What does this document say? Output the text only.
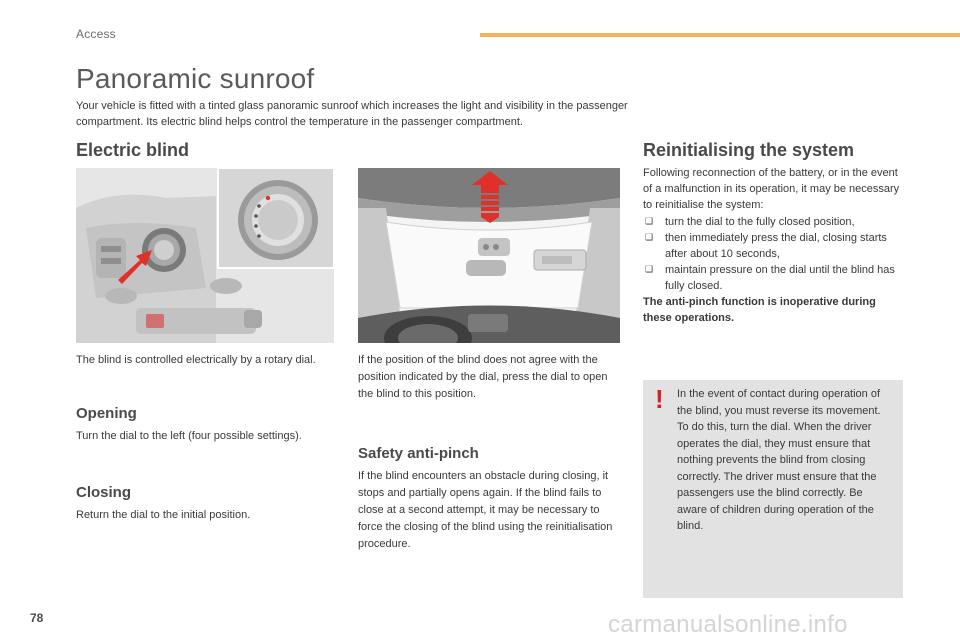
Access
Panoramic sunroof

Your vehicle is fitted with a tinted glass panoramic sunroof which increases the light and visibility in the passenger compartment. Its electric blind helps control the temperature in the passenger compartment.

Electric blind

The blind is controlled electrically by a rotary dial.

Opening

Turn the dial to the left (four possible settings).

Closing

Return the dial to the initial position.

If the position of the blind does not agree with the position indicated by the dial, press the dial to open the blind to this position.

Safety anti-pinch

If the blind encounters an obstacle during closing, it stops and partially opens again. If the blind fails to close at a second attempt, it may be necessary to force the closing of the blind using the reinitialisation procedure.

Reinitialising the system

Following reconnection of the battery, or in the event of a malfunction in its operation, it may be necessary to reinitialise the system:

❑ turn the dial to the fully closed position,
❑ then immediately press the dial, closing starts after about 10 seconds,
❑ maintain pressure on the dial until the blind has fully closed.

The anti-pinch function is inoperative during these operations.

! In the event of contact during operation of the blind, you must reverse its movement. To do this, turn the dial. When the driver operates the dial, they must ensure that nothing prevents the blind from closing correctly. The driver must ensure that the passengers use the blind correctly. Be aware of children during operation of the blind.

78	carmanualsonline.info
